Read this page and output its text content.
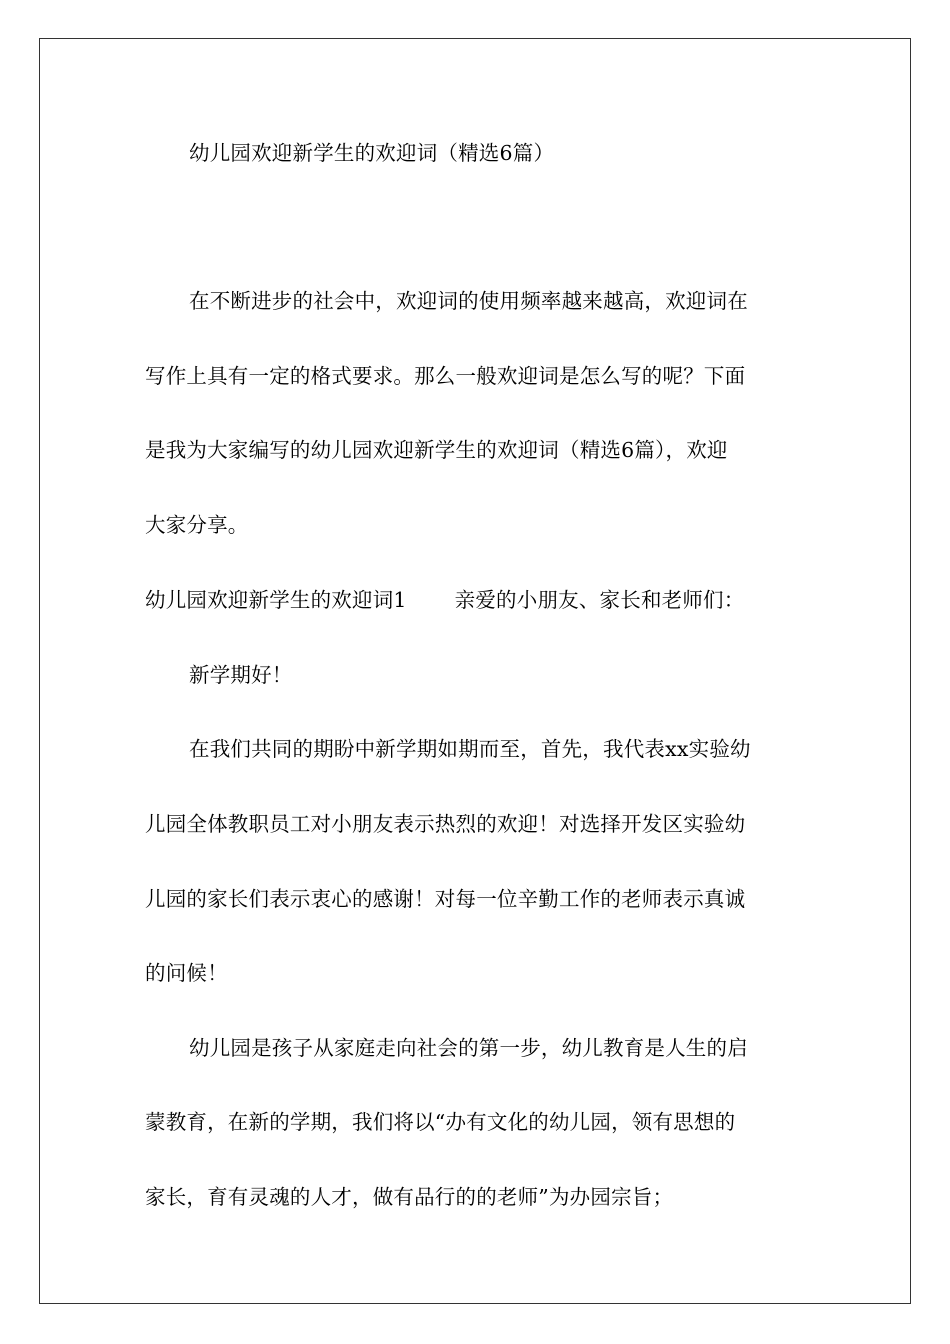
幼儿园欢迎新学生的欢迎词（精选6篇）
在不断进步的社会中，欢迎词的使用频率越来越高，欢迎词在
写作上具有一定的格式要求。那么一般欢迎词是怎么写的呢？下面
是我为大家编写的幼儿园欢迎新学生的欢迎词（精选6篇），欢迎
大家分享。
幼儿园欢迎新学生的欢迎词1 亲爱的小朋友、家长和老师们：
新学期好！
在我们共同的期盼中新学期如期而至，首先，我代表xx实验幼
儿园全体教职员工对小朋友表示热烈的欢迎！对选择开发区实验幼
儿园的家长们表示衷心的感谢！对每一位辛勤工作的老师表示真诚
的问候！
幼儿园是孩子从家庭走向社会的第一步，幼儿教育是人生的启
蒙教育，在新的学期，我们将以“办有文化的幼儿园，领有思想的
家长，育有灵魂的人才，做有品行的的老师”为办园宗旨；
